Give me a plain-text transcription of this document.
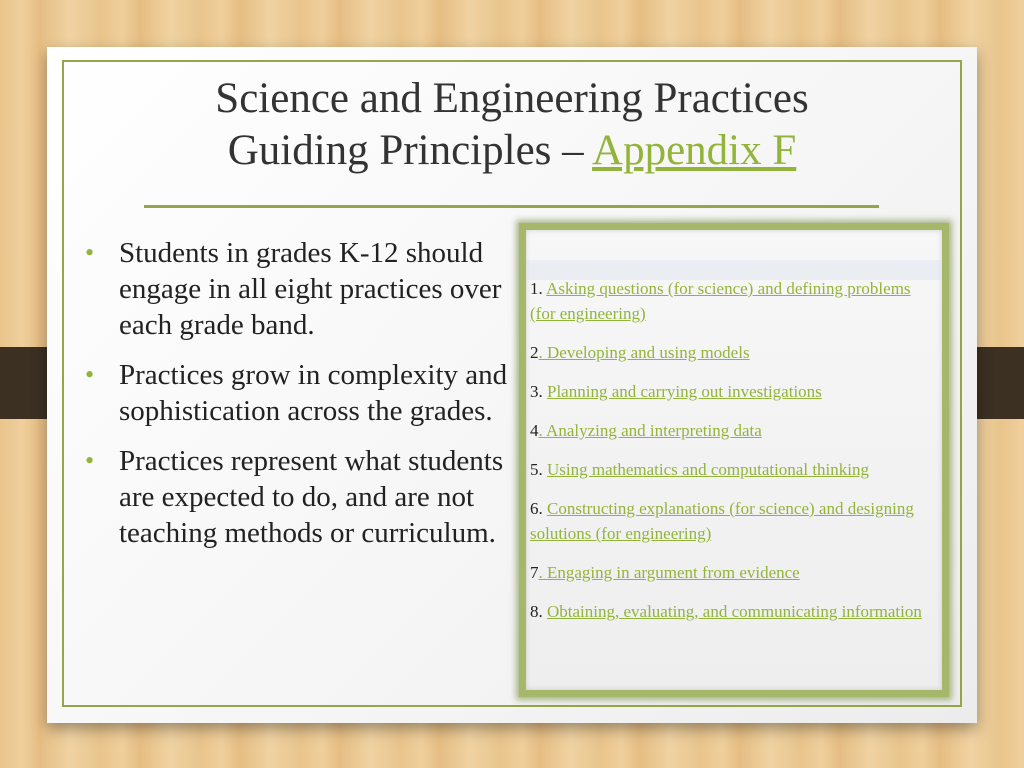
Science and Engineering Practices
Guiding Principles – Appendix F
• Students in grades K-12 should engage in all eight practices over each grade band.
• Practices grow in complexity and sophistication across the grades.
• Practices represent what students are expected to do, and are not teaching methods or curriculum.

1. Asking questions (for science) and defining problems (for engineering)

2. Developing and using models

3. Planning and carrying out investigations

4. Analyzing and interpreting data

5. Using mathematics and computational thinking

6. Constructing explanations (for science) and designing solutions (for engineering)

7. Engaging in argument from evidence

8. Obtaining, evaluating, and communicating information
